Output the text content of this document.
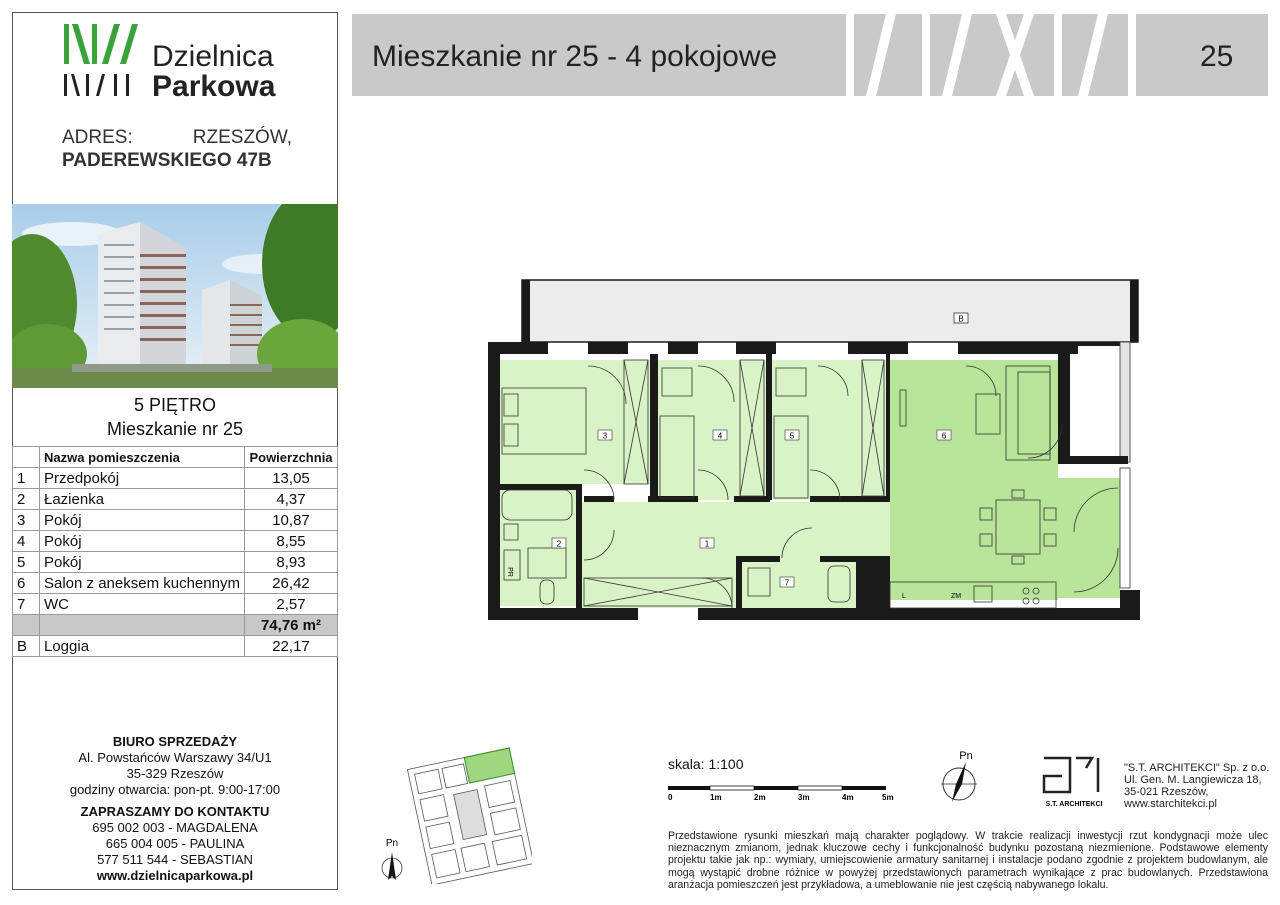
Dzielnica
Parkowa
ADRES:	RZESZÓW,
PADEREWSKIEGO 47B
5 PIĘTRO
Mieszkanie nr 25
	Nazwa pomieszczenia	Powierzchnia
1	Przedpokój	13,05
2	Łazienka	4,37
3	Pokój	10,87
4	Pokój	8,55
5	Pokój	8,93
6	Salon z aneksem kuchennym	26,42
7	WC	2,57
		74,76 m²
B	Loggia	22,17
BIURO SPRZEDAŻY
Al. Powstańców Warszawy 34/U1
35-329 Rzeszów
godziny otwarcia: pon-pt. 9:00-17:00
ZAPRASZAMY DO KONTAKTU
695 002 003 - MAGDALENA
665 004 005 - PAULINA
577 511 544 - SEBASTIAN
www.dzielnicaparkowa.pl
Mieszkanie nr 25 - 4 pokojowe	25
B
3	4	5	6
1
2
7
PR
L	ZM
Pn
skala: 1:100
0	1m	2m	3m	4m	5m
Pn
S.T. ARCHITEKCI
"S.T. ARCHITEKCI" Sp. z o.o.
Ul. Gen. M. Langiewicza 18,
35-021 Rzeszów,
www.starchitekci.pl
Przedstawione rysunki mieszkań mają charakter poglądowy. W trakcie realizacji inwestycji rzut kondygnacji może ulec nieznacznym zmianom, jednak kluczowe cechy i funkcjonalność budynku pozostaną niezmienione. Podstawowe elementy projektu takie jak np.: wymiary, umiejscowienie armatury sanitarnej i instalacje podano zgodnie z projektem budowlanym, ale mogą wystąpić drobne różnice w powyżej przedstawionych parametrach wynikające z prac budowlanych. Przedstawiona aranżacja pomieszczeń jest przykładowa, a umeblowanie nie jest częścią nabywanego lokalu.
